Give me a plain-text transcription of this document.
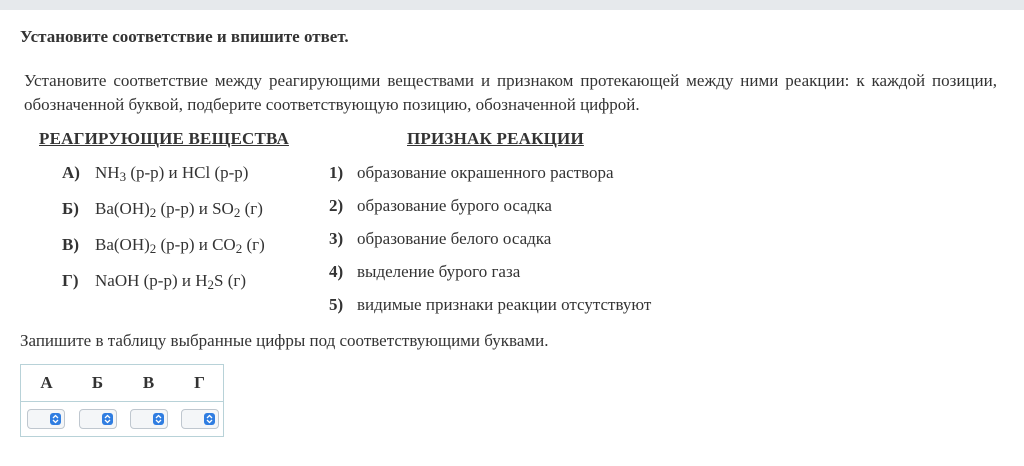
Установите соответствие и впишите ответ.
Установите соответствие между реагирующими веществами и признаком протекающей между ними реакции: к каждой позиции, обозначенной буквой, подберите соответствующую позицию, обозначенной цифрой.
РЕАГИРУЮЩИЕ ВЕЩЕСТВА	ПРИЗНАК РЕАКЦИИ
А) $NH_3$ (р-р) и HCl (р-р)
Б) $Ba(OH)_2$ (р-р) и $SO_2$ (г)
В) $Ba(OH)_2$ (р-р) и $CO_2$ (г)
Г) NaOH (р-р) и $H_2S$ (г)
1) образование окрашенного раствора
2) образование бурого осадка
3) образование белого осадка
4) выделение бурого газа
5) видимые признаки реакции отсутствуют
Запишите в таблицу выбранные цифры под соответствующими буквами.
А	Б	В	Г
